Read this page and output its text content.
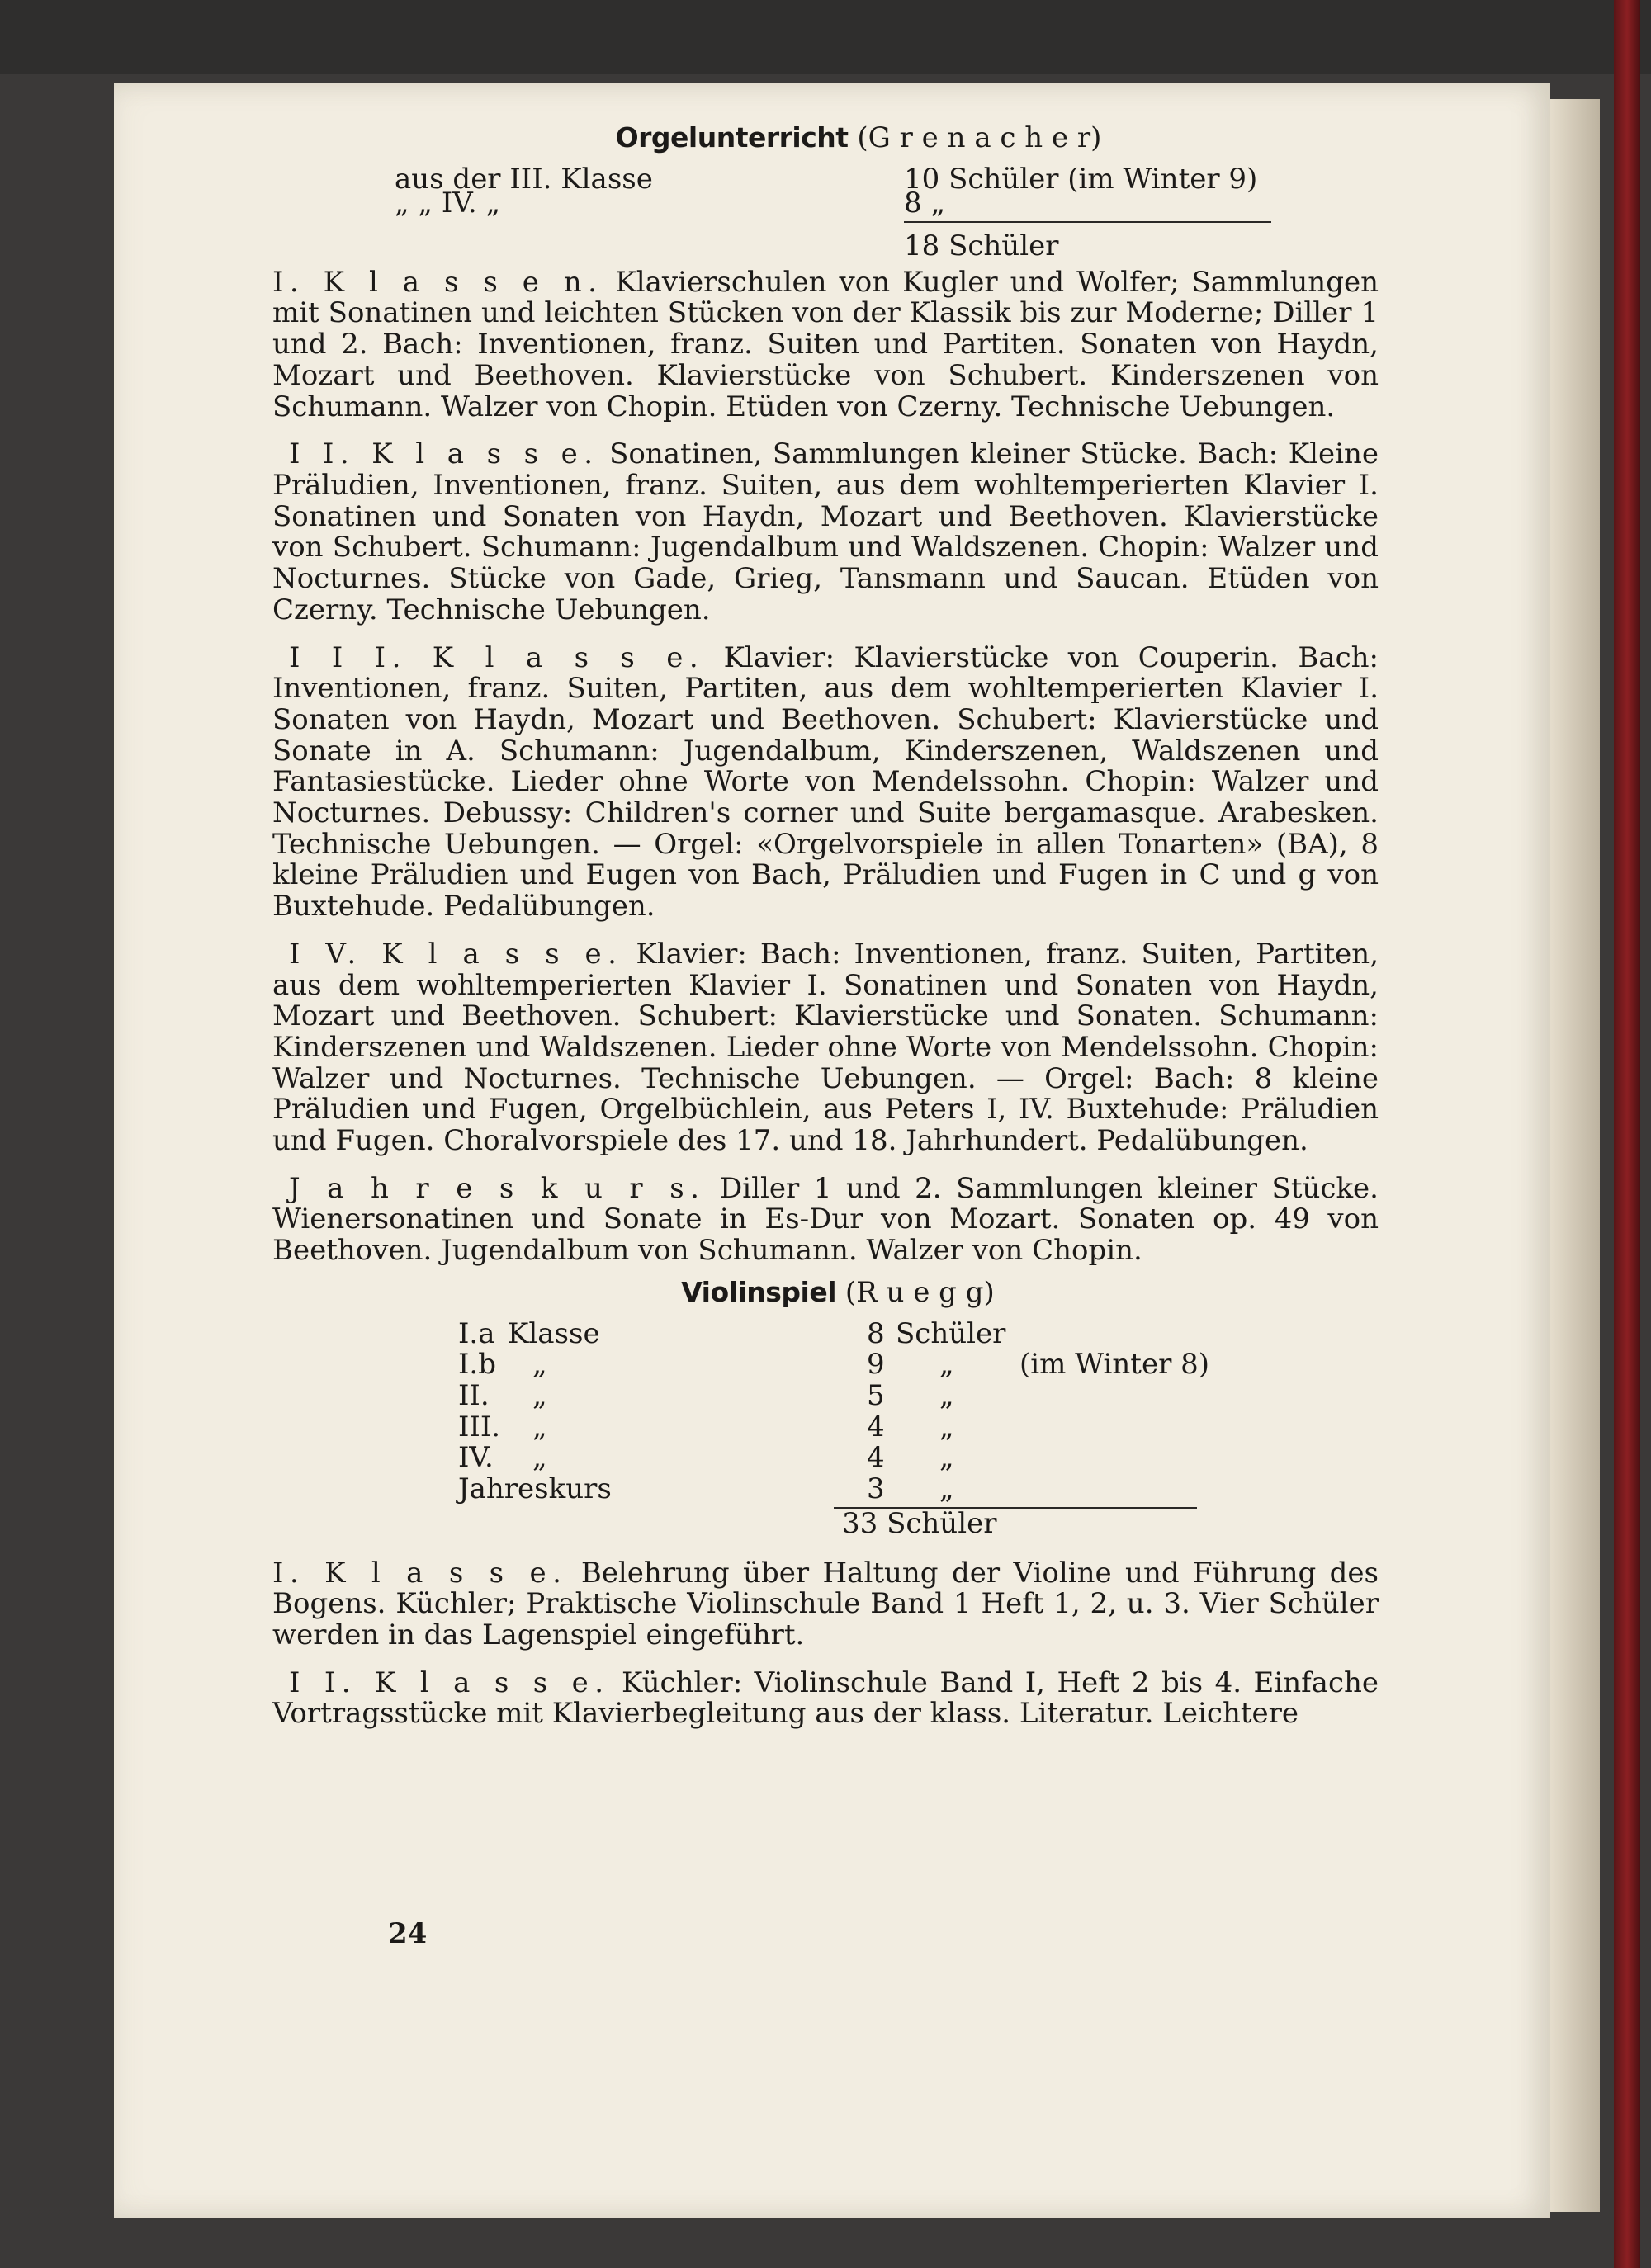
Orgelunterricht (G r e n a c h e r)
aus der III. Klasse	10 Schüler (im Winter 9)
„ „ IV. „	8 „
18 Schüler

I. K l a s s e n. Klavierschulen von Kugler und Wolfer; Sammlungen mit Sonatinen und leichten Stücken von der Klassik bis zur Moderne; Diller 1 und 2. Bach: Inventionen, franz. Suiten und Partiten. Sonaten von Haydn, Mozart und Beethoven. Klavierstücke von Schubert. Kinderszenen von Schumann. Walzer von Chopin. Etüden von Czerny. Technische Uebungen.

I I. K l a s s e. Sonatinen, Sammlungen kleiner Stücke. Bach: Kleine Präludien, Inventionen, franz. Suiten, aus dem wohltemperierten Klavier I. Sonatinen und Sonaten von Haydn, Mozart und Beethoven. Klavierstücke von Schubert. Schumann: Jugendalbum und Waldszenen. Chopin: Walzer und Nocturnes. Stücke von Gade, Grieg, Tansmann und Saucan. Etüden von Czerny. Technische Uebungen.

I I I. K l a s s e. Klavier: Klavierstücke von Couperin. Bach: Inventionen, franz. Suiten, Partiten, aus dem wohltemperierten Klavier I. Sonaten von Haydn, Mozart und Beethoven. Schubert: Klavierstücke und Sonate in A. Schumann: Jugendalbum, Kinderszenen, Waldszenen und Fantasiestücke. Lieder ohne Worte von Mendelssohn. Chopin: Walzer und Nocturnes. Debussy: Children's corner und Suite bergamasque. Arabesken. Technische Uebungen. — Orgel: «Orgelvorspiele in allen Tonarten» (BA), 8 kleine Präludien und Eugen von Bach, Präludien und Fugen in C und g von Buxtehude. Pedalübungen.

I V. K l a s s e. Klavier: Bach: Inventionen, franz. Suiten, Partiten, aus dem wohltemperierten Klavier I. Sonatinen und Sonaten von Haydn, Mozart und Beethoven. Schubert: Klavierstücke und Sonaten. Schumann: Kinderszenen und Waldszenen. Lieder ohne Worte von Mendelssohn. Chopin: Walzer und Nocturnes. Technische Uebungen. — Orgel: Bach: 8 kleine Präludien und Fugen, Orgelbüchlein, aus Peters I, IV. Buxtehude: Präludien und Fugen. Choralvorspiele des 17. und 18. Jahrhundert. Pedalübungen.

J a h r e s k u r s. Diller 1 und 2. Sammlungen kleiner Stücke. Wienersonatinen und Sonate in Es-Dur von Mozart. Sonaten op. 49 von Beethoven. Jugendalbum von Schumann. Walzer von Chopin.

Violinspiel (R u e g g)
I.a Klasse	8 Schüler
I.b „	9 „ (im Winter 8)
II. „	5 „
III. „	4 „
IV. „	4 „
Jahreskurs	3 „
33 Schüler

I. K l a s s e. Belehrung über Haltung der Violine und Führung des Bogens. Küchler; Praktische Violinschule Band 1 Heft 1, 2, u. 3. Vier Schüler werden in das Lagenspiel eingeführt.

I I. K l a s s e. Küchler: Violinschule Band I, Heft 2 bis 4. Einfache Vortragsstücke mit Klavierbegleitung aus der klass. Literatur. Leichtere

24
